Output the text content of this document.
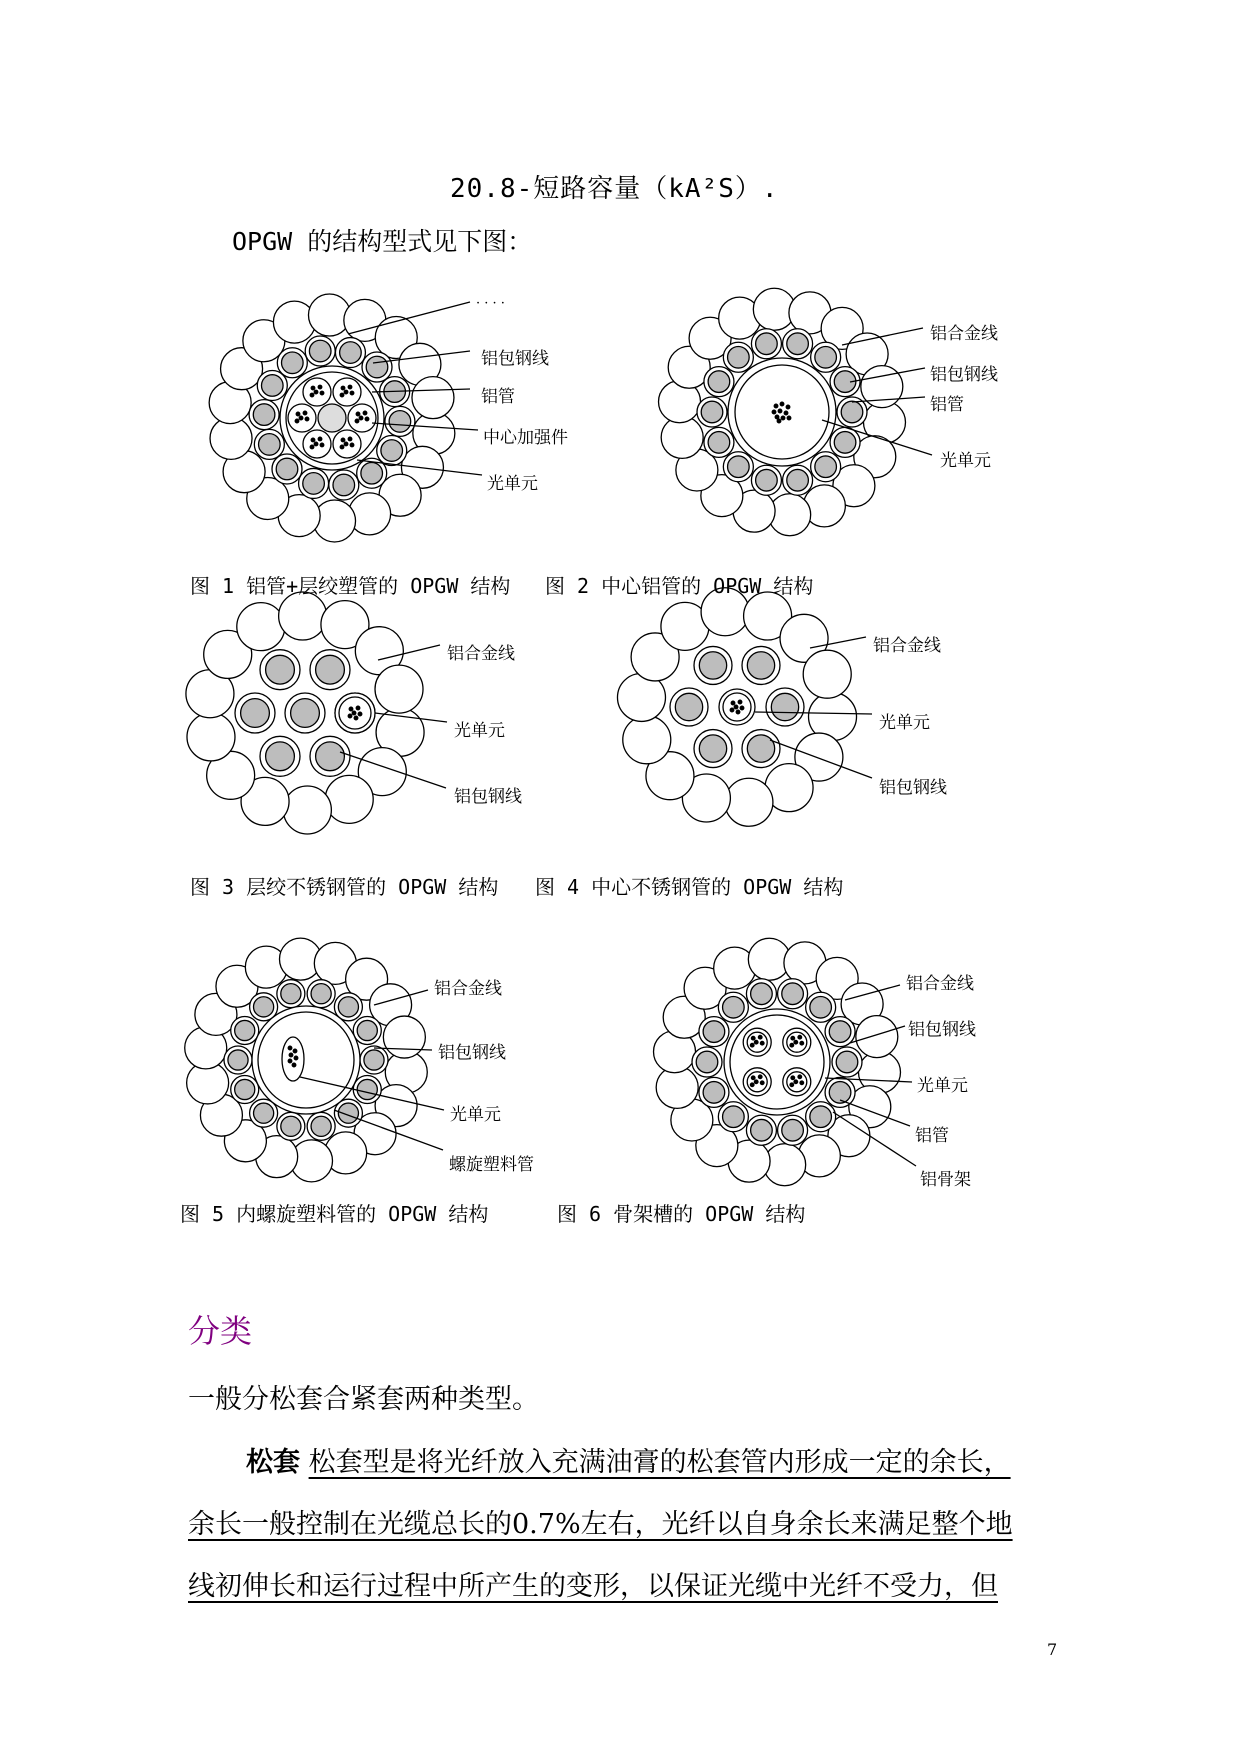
20.8-短路容量（kA²S）.
OPGW 的结构型式见下图：
· · · ·
铝包钢线
铝管
中心加强件
光单元
铝合金线
铝包钢线
铝管
光单元
图 1 铝管+层绞塑管的 OPGW 结构 图 2 中心铝管的 OPGW 结构
铝合金线
光单元
铝包钢线
铝合金线
光单元
铝包钢线
图 3 层绞不锈钢管的 OPGW 结构 图 4 中心不锈钢管的 OPGW 结构
铝合金线
铝包钢线
光单元
螺旋塑料管
铝合金线
铝包钢线
光单元
铝管
铝骨架
图 5 内螺旋塑料管的 OPGW 结构	图 6 骨架槽的 OPGW 结构
分类
一般分松套合紧套两种类型。
松套 松套型是将光纤放入充满油膏的松套管内形成一定的余长，
余长一般控制在光缆总长的0.7%左右，光纤以自身余长来满足整个地
线初伸长和运行过程中所产生的变形，以保证光缆中光纤不受力，但
7
